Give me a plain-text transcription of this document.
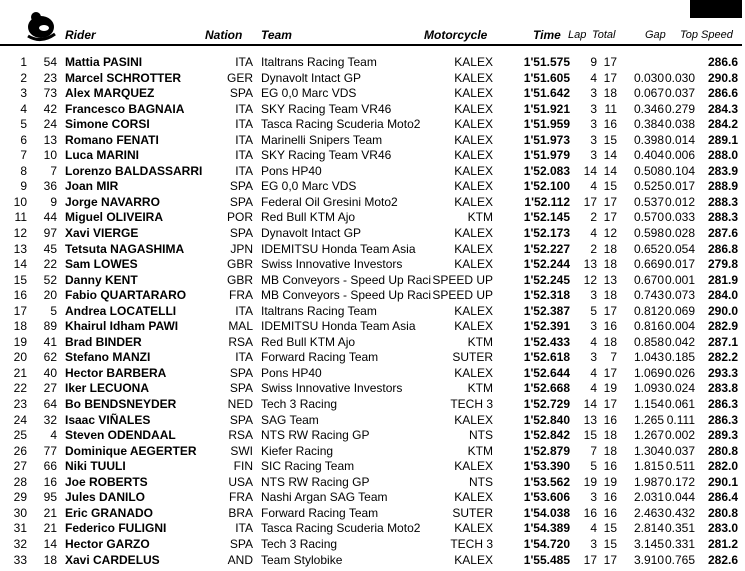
Rider	Nation Team	Motorcycle	Time Lap Total	Gap Top Speed
1 54 Mattia PASINI	ITA Italtrans Racing Team	KALEX	1'51.575 9 17	286.6
2 23 Marcel SCHROTTER	GER Dynavolt Intact GP	KALEX	1'51.605 4 17 0.030 0.030 290.8
3 73 Alex MARQUEZ	SPA EG 0,0 Marc VDS	KALEX	1'51.642 3 18 0.067 0.037 286.6
4 42 Francesco BAGNAIA	ITA SKY Racing Team VR46	KALEX	1'51.921 3 11 0.346 0.279 284.3
5 24 Simone CORSI	ITA Tasca Racing Scuderia Moto2	KALEX	1'51.959 3 16 0.384 0.038 284.2
6 13 Romano FENATI	ITA Marinelli Snipers Team	KALEX	1'51.973 3 15 0.398 0.014 289.1
7 10 Luca MARINI	ITA SKY Racing Team VR46	KALEX	1'51.979 3 14 0.404 0.006 288.0
8 7 Lorenzo BALDASSARRI	ITA Pons HP40	KALEX	1'52.083 14 14 0.508 0.104 283.9
9 36 Joan MIR	SPA EG 0,0 Marc VDS	KALEX	1'52.100 4 15 0.525 0.017 288.9
10 9 Jorge NAVARRO	SPA Federal Oil Gresini Moto2	KALEX	1'52.112 17 17 0.537 0.012 288.3
11 44 Miguel OLIVEIRA	POR Red Bull KTM Ajo	KTM	1'52.145 2 17 0.570 0.033 288.3
12 97 Xavi VIERGE	SPA Dynavolt Intact GP	KALEX	1'52.173 4 12 0.598 0.028 287.6
13 45 Tetsuta NAGASHIMA	JPN IDEMITSU Honda Team Asia	KALEX	1'52.227 2 18 0.652 0.054 286.8
14 22 Sam LOWES	GBR Swiss Innovative Investors	KALEX	1'52.244 13 18 0.669 0.017 279.8
15 52 Danny KENT	GBR MB Conveyors - Speed Up Raci SPEED UP	1'52.245 12 13 0.670 0.001 281.9
16 20 Fabio QUARTARARO	FRA MB Conveyors - Speed Up Raci SPEED UP	1'52.318 3 18 0.743 0.073 284.0
17 5 Andrea LOCATELLI	ITA Italtrans Racing Team	KALEX	1'52.387 5 17 0.812 0.069 290.0
18 89 Khairul Idham PAWI	MAL IDEMITSU Honda Team Asia	KALEX	1'52.391 3 16 0.816 0.004 282.9
19 41 Brad BINDER	RSA Red Bull KTM Ajo	KTM	1'52.433 4 18 0.858 0.042 287.1
20 62 Stefano MANZI	ITA Forward Racing Team	SUTER	1'52.618 3 7 1.043 0.185 282.2
21 40 Hector BARBERA	SPA Pons HP40	KALEX	1'52.644 4 17 1.069 0.026 293.3
22 27 Iker LECUONA	SPA Swiss Innovative Investors	KTM	1'52.668 4 19 1.093 0.024 283.8
23 64 Bo BENDSNEYDER	NED Tech 3 Racing	TECH 3	1'52.729 14 17 1.154 0.061 286.3
24 32 Isaac VIÑALES	SPA SAG Team	KALEX	1'52.840 13 16 1.265 0.111 286.3
25 4 Steven ODENDAAL	RSA NTS RW Racing GP	NTS	1'52.842 15 18 1.267 0.002 289.3
26 77 Dominique AEGERTER	SWI Kiefer Racing	KTM	1'52.879 7 18 1.304 0.037 280.8
27 66 Niki TUULI	FIN SIC Racing Team	KALEX	1'53.390 5 16 1.815 0.511 282.0
28 16 Joe ROBERTS	USA NTS RW Racing GP	NTS	1'53.562 19 19 1.987 0.172 290.1
29 95 Jules DANILO	FRA Nashi Argan SAG Team	KALEX	1'53.606 3 16 2.031 0.044 286.4
30 21 Eric GRANADO	BRA Forward Racing Team	SUTER	1'54.038 16 16 2.463 0.432 280.8
31 21 Federico FULIGNI	ITA Tasca Racing Scuderia Moto2	KALEX	1'54.389 4 15 2.814 0.351 283.0
32 14 Hector GARZO	SPA Tech 3 Racing	TECH 3	1'54.720 3 15 3.145 0.331 281.2
33 18 Xavi CARDELUS	AND Team Stylobike	KALEX	1'55.485 17 17 3.910 0.765 282.6
